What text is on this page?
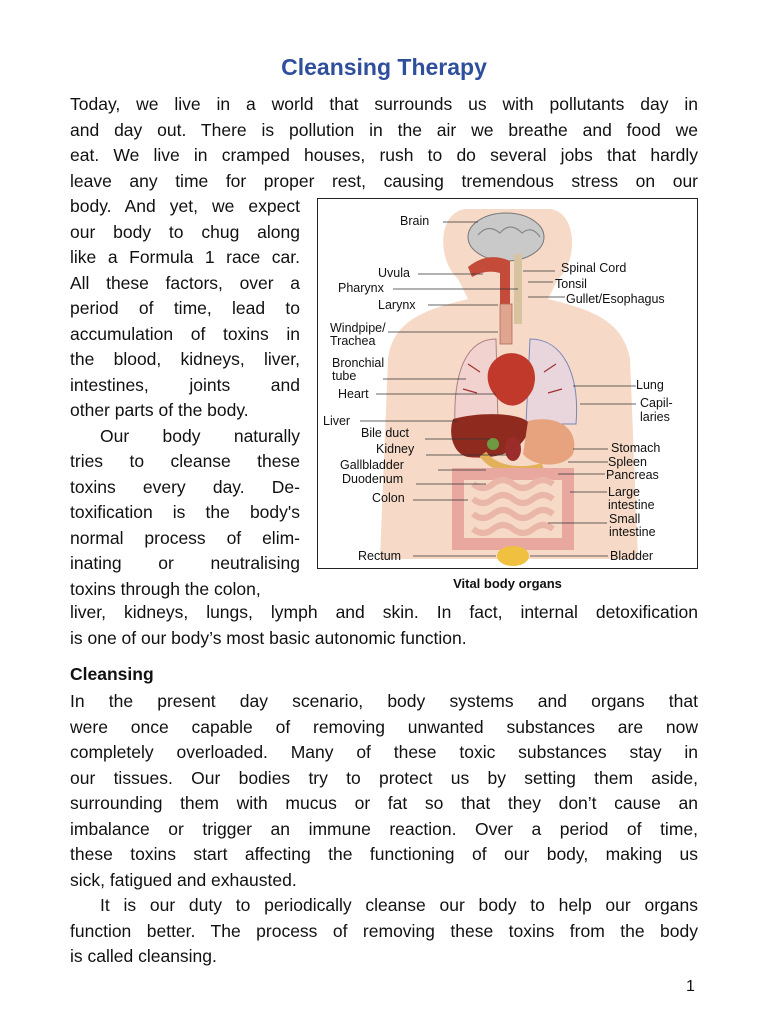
Cleansing Therapy
Today, we live in a world that surrounds us with pollutants day in
and day out. There is pollution in the air we breathe and food we
eat. We live in cramped houses, rush to do several jobs that hardly
leave any time for proper rest, causing tremendous stress on our
body. And yet, we expect
our body to chug along
like a Formula 1 race car.
All these factors, over a
period of time, lead to
accumulation of toxins in
the blood, kidneys, liver,
intestines, joints and
other parts of the body.
Our body naturally
tries to cleanse these
toxins every day. De-
toxification is the body's
normal process of elim-
inating or neutralising
toxins through the colon,
Brain
Uvula
Pharynx
Larynx
Windpipe/
Trachea
Bronchial
tube
Heart
Liver
Bile duct
Kidney
Gallbladder
Duodenum
Colon
Rectum
Spinal Cord
Tonsil
Gullet/Esophagus
Lung
Capil-
laries
Stomach
Spleen
Pancreas
Large
intestine
Small
intestine
Bladder
Vital body organs
liver, kidneys, lungs, lymph and skin. In fact, internal detoxification
is one of our body’s most basic autonomic function.
Cleansing
In the present day scenario, body systems and organs that
were once capable of removing unwanted substances are now
completely overloaded. Many of these toxic substances stay in
our tissues. Our bodies try to protect us by setting them aside,
surrounding them with mucus or fat so that they don’t cause an
imbalance or trigger an immune reaction. Over a period of time,
these toxins start affecting the functioning of our body, making us
sick, fatigued and exhausted.
It is our duty to periodically cleanse our body to help our organs
function better. The process of removing these toxins from the body
is called cleansing.
1
